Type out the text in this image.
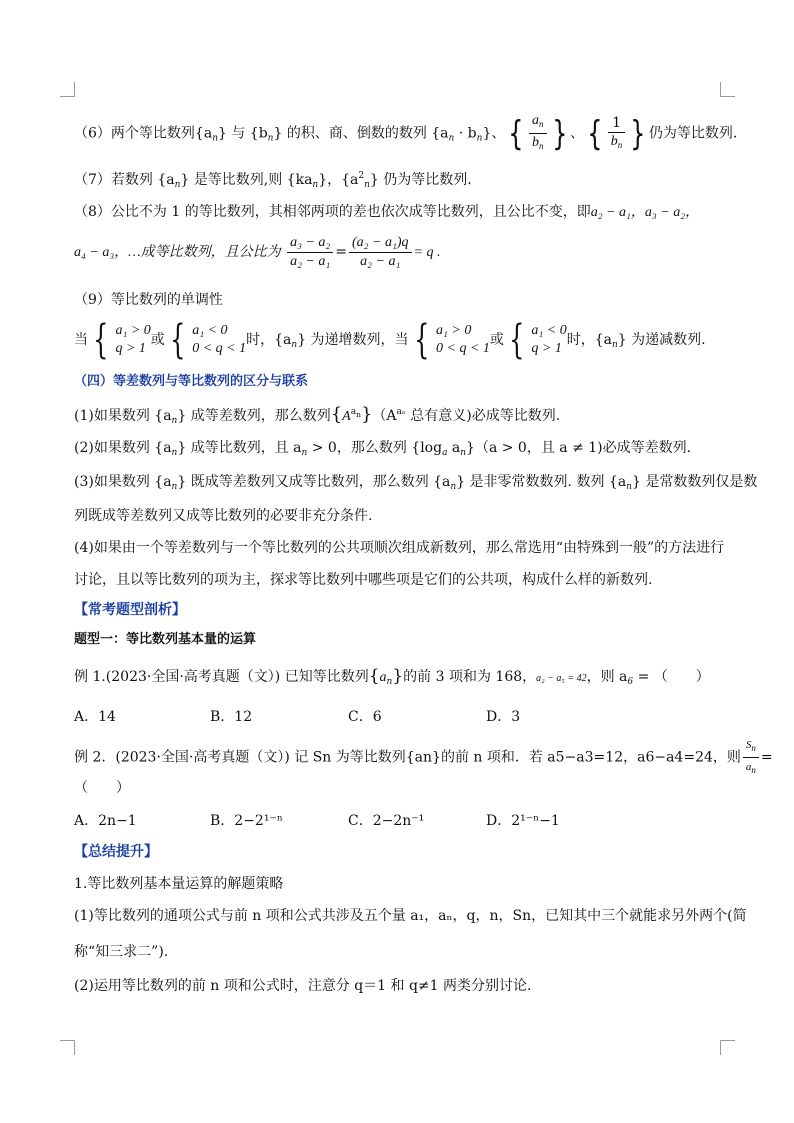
（6）两个等比数列$\{a_n\}$ 与 $\{b_n\}$ 的积、商、倒数的数列 $\{a_n \cdot b_n\}$、{ $\frac{a_n}{b_n}$ } 、{ $\frac{1}{b_n}$ } 仍为等比数列.
（7）若数列 $\{a_n\}$ 是等比数列,则 $\{ka_n\}$，$\{a^2_n\}$ 仍为等比数列.
（8）公比不为 1 的等比数列，其相邻两项的差也依次成等比数列，且公比不变，即a₂ − a₁，a₃ − a₂，
a₄ − a₃，…成等比数列，且公比为 $\frac{\text{a₃ − a₂}}{\text{a₂ − a₁}} = \frac{\text{(a₂ − a₁)q}}{\text{a₂ − a₁}} = q$ .
（9）等比数列的单调性
当 { a₁ > 0
q > 1
或 { a₁ < 0
0 < q < 1
时，$\{a_n\}$ 为递增数列，当 { a₁ > 0
0 < q < 1
或 { a₁ < 0
q > 1
时，$\{a_n\}$ 为递减数列.
（四）等差数列与等比数列的区分与联系
(1)如果数列 $\{a_n\}$ 成等差数列，那么数列$\{A^{a_n}\}(A^{a_n}$ 总有意义)必成等比数列.
(2)如果数列 $\{a_n\}$ 成等比数列，且 $a_n > 0$，那么数列 {$\log_a$ $a_n\}(a > 0$，且 a ≠ 1)必成等差数列.
(3)如果数列 $\{a_n\}$ 既成等差数列又成等比数列，那么数列 $\{a_n\}$ 是非零常数数列. 数列 $\{a_n\}$ 是常数数列仅是数
列既成等差数列又成等比数列的必要非充分条件.
(4)如果由一个等差数列与一个等比数列的公共项顺次组成新数列，那么常选用“由特殊到一般”的方法进行
讨论，且以等比数列的项为主，探求等比数列中哪些项是它们的公共项，构成什么样的新数列.
【常考题型剖析】
题型一：等比数列基本量的运算
例 1.(2023·全国·高考真题（文）) 已知等比数列$\{a_n\}$的前 3 项和为 168，a₂ − a₅ = 42，则 $a_6$ = （　　）
A．14	B．12	C．6	D．3
例 2．(2023·全国·高考真题（文）) 记 Sn 为等比数列{an}的前 n 项和．若 a5−a3=12，a6−a4=24，则 $\frac{S_n}{a_n}$ =
（　　）
A．2n−1	B．2−2¹⁻ⁿ	C．2−2n⁻¹	D．2¹⁻ⁿ−1
【总结提升】
1.等比数列基本量运算的解题策略
(1)等比数列的通项公式与前 n 项和公式共涉及五个量 a₁，aₙ，q，n，Sn，已知其中三个就能求另外两个(简
称“知三求二”).
(2)运用等比数列的前 n 项和公式时，注意分 q＝1 和 q≠1 两类分别讨论.
